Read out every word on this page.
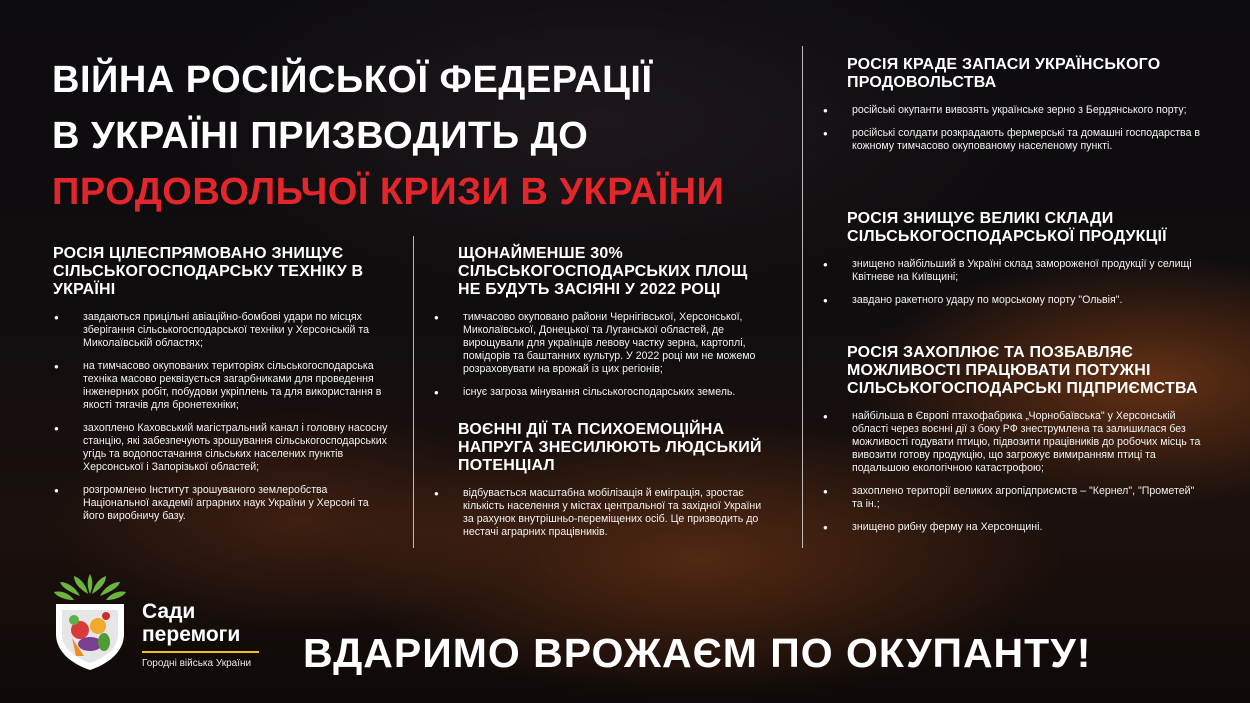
ВІЙНА РОСІЙСЬКОЇ ФЕДЕРАЦІЇ
В УКРАЇНІ ПРИЗВОДИТЬ ДО
ПРОДОВОЛЬЧОЇ КРИЗИ В УКРАЇНИ
РОСІЯ ЦІЛЕСПРЯМОВАНО ЗНИЩУЄ СІЛЬСЬКОГОСПОДАРСЬКУ ТЕХНІКУ В УКРАЇНІ
● завдаються прицільні авіаційно-бомбові удари по місцях зберігання сільськогосподарської техніки у Херсонській та Миколаївській областях;
● на тимчасово окупованих територіях сільськогосподарська техніка масово реквізується загарбниками для проведення інженерних робіт, побудови укріплень та для використання в якості тягачів для бронетехніки;
● захоплено Каховський магістральний канал і головну насосну станцію, які забезпечують зрошування сільськогосподарських угідь та водопостачання сільських населених пунктів Херсонської і Запорізької областей;
● розгромлено Інститут зрошуваного землеробства Національної академії аграрних наук України у Херсоні та його виробничу базу.
ЩОНАЙМЕНШЕ 30% СІЛЬСЬКОГОСПОДАРСЬКИХ ПЛОЩ НЕ БУДУТЬ ЗАСІЯНІ У 2022 РОЦІ
● тимчасово окуповано райони Чернігівської, Херсонської, Миколаївської, Донецької та Луганської областей, де вирощували для українців левову частку зерна, картоплі, помідорів та баштанних культур. У 2022 році ми не можемо розраховувати на врожай із цих регіонів;
● існує загроза мінування сільськогосподарських земель.
ВОЄННІ ДІЇ ТА ПСИХОЕМОЦІЙНА НАПРУГА ЗНЕСИЛЮЮТЬ ЛЮДСЬКИЙ ПОТЕНЦІАЛ
● відбувається масштабна мобілізація й еміграція, зростає кількість населення у містах центральної та західної України за рахунок внутрішньо-переміщених осіб. Це призводить до нестачі аграрних працівників.
РОСІЯ КРАДЕ ЗАПАСИ УКРАЇНСЬКОГО ПРОДОВОЛЬСТВА
● російські окупанти вивозять українське зерно з Бердянського порту;
● російські солдати розкрадають фермерські та домашні господарства в кожному тимчасово окупованому населеному пункті.
РОСІЯ ЗНИЩУЄ ВЕЛИКІ СКЛАДИ СІЛЬСЬКОГОСПОДАРСЬКОЇ ПРОДУКЦІЇ
● знищено найбільший в Україні склад замороженої продукції у селищі Квітневе на Київщині;
● завдано ракетного удару по морському порту "Ольвія".
РОСІЯ ЗАХОПЛЮЄ ТА ПОЗБАВЛЯЄ МОЖЛИВОСТІ ПРАЦЮВАТИ ПОТУЖНІ СІЛЬСЬКОГОСПОДАРСЬКІ ПІДПРИЄМСТВА
● найбільша в Європі птахофабрика „Чорнобаївська" у Херсонській області через воєнні дії з боку РФ знеструмлена та залишилася без можливості годувати птицю, підвозити працівників до робочих місць та вивозити готову продукцію, що загрожує вимиранням птиці та подальшою екологічною катастрофою;
● захоплено території великих агропідприємств – "Кернел", "Прометей" та ін.;
● знищено рибну ферму на Херсонщині.
Сади
перемоги
Городні війська України ВДАРИМО ВРОЖАЄМ ПО ОКУПАНТУ!
